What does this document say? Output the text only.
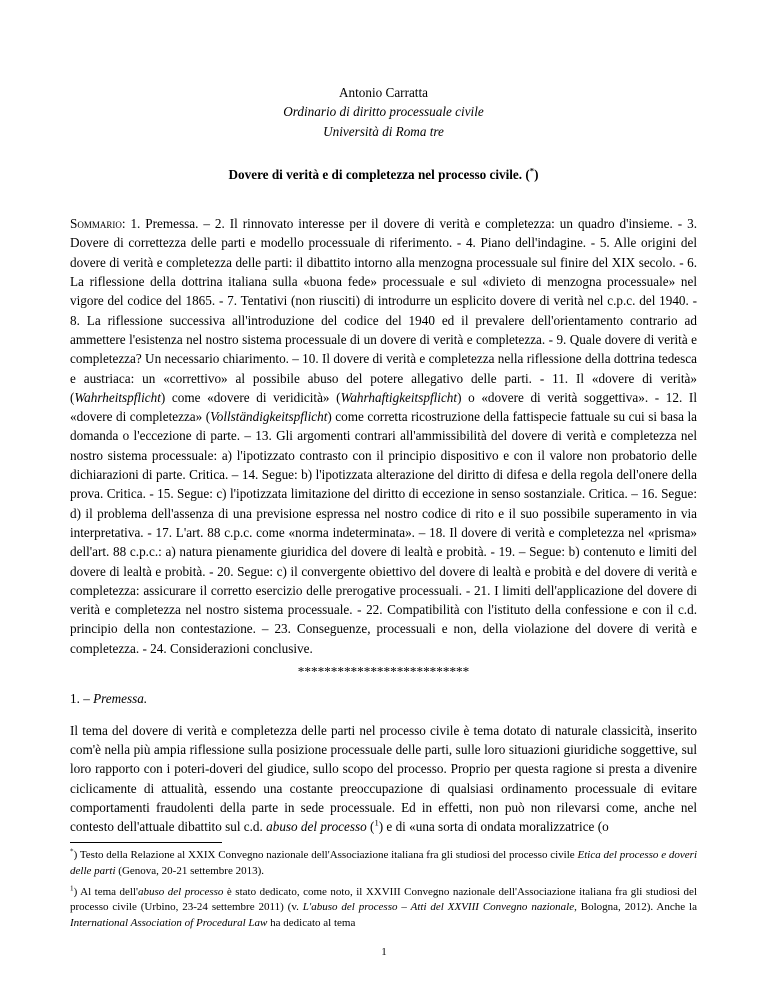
Antonio Carratta
Ordinario di diritto processuale civile
Università di Roma tre
Dovere di verità e di completezza nel processo civile. (*)

Sommario: 1. Premessa. – 2. Il rinnovato interesse per il dovere di verità e completezza: un quadro d'insieme. - 3. Dovere di correttezza delle parti e modello processuale di riferimento. - 4. Piano dell'indagine. - 5. Alle origini del dovere di verità e completezza delle parti: il dibattito intorno alla menzogna processuale sul finire del XIX secolo. - 6. La riflessione della dottrina italiana sulla «buona fede» processuale e sul «divieto di menzogna processuale» nel vigore del codice del 1865. - 7. Tentativi (non riusciti) di introdurre un esplicito dovere di verità nel c.p.c. del 1940. - 8. La riflessione successiva all'introduzione del codice del 1940 ed il prevalere dell'orientamento contrario ad ammettere l'esistenza nel nostro sistema processuale di un dovere di verità e completezza. - 9. Quale dovere di verità e completezza? Un necessario chiarimento. – 10. Il dovere di verità e completezza nella riflessione della dottrina tedesca e austriaca: un «correttivo» al possibile abuso del potere allegativo delle parti. - 11. Il «dovere di verità» (Wahrheitspflicht) come «dovere di veridicità» (Wahrhaftigkeitspflicht) o «dovere di verità soggettiva». - 12. Il «dovere di completezza» (Vollständigkeitspflicht) come corretta ricostruzione della fattispecie fattuale su cui si basa la domanda o l'eccezione di parte. – 13. Gli argomenti contrari all'ammissibilità del dovere di verità e completezza nel nostro sistema processuale: a) l'ipotizzato contrasto con il principio dispositivo e con il valore non probatorio delle dichiarazioni di parte. Critica. – 14. Segue: b) l'ipotizzata alterazione del diritto di difesa e della regola dell'onere della prova. Critica. - 15. Segue: c) l'ipotizzata limitazione del diritto di eccezione in senso sostanziale. Critica. – 16. Segue: d) il problema dell'assenza di una previsione espressa nel nostro codice di rito e il suo possibile superamento in via interpretativa. - 17. L'art. 88 c.p.c. come «norma indeterminata». – 18. Il dovere di verità e completezza nel «prisma» dell'art. 88 c.p.c.: a) natura pienamente giuridica del dovere di lealtà e probità. - 19. – Segue: b) contenuto e limiti del dovere di lealtà e probità. - 20. Segue: c) il convergente obiettivo del dovere di lealtà e probità e del dovere di verità e completezza: assicurare il corretto esercizio delle prerogative processuali. - 21. I limiti dell'applicazione del dovere di verità e completezza nel nostro sistema processuale. - 22. Compatibilità con l'istituto della confessione e con il c.d. principio della non contestazione. – 23. Conseguenze, processuali e non, della violazione del dovere di verità e completezza. - 24. Considerazioni conclusive.

**************************

1. – Premessa.

Il tema del dovere di verità e completezza delle parti nel processo civile è tema dotato di naturale classicità, inserito com'è nella più ampia riflessione sulla posizione processuale delle parti, sulle loro situazioni giuridiche soggettive, sul loro rapporto con i poteri-doveri del giudice, sullo scopo del processo. Proprio per questa ragione si presta a divenire ciclicamente di attualità, essendo una costante preoccupazione di qualsiasi ordinamento processuale di evitare comportamenti fraudolenti della parte in sede processuale. Ed in effetti, non può non rilevarsi come, anche nel contesto dell'attuale dibattito sul c.d. abuso del processo ($^1$) e di «una sorta di ondata moralizzatrice (o

*) Testo della Relazione al XXIX Convegno nazionale dell'Associazione italiana fra gli studiosi del processo civile Etica del processo e doveri delle parti (Genova, 20-21 settembre 2013).

$^1$) Al tema dell'abuso del processo è stato dedicato, come noto, il XXVIII Convegno nazionale dell'Associazione italiana fra gli studiosi del processo civile (Urbino, 23-24 settembre 2011) (v. L'abuso del processo – Atti del XXVIII Convegno nazionale, Bologna, 2012). Anche la International Association of Procedural Law ha dedicato al tema

1
